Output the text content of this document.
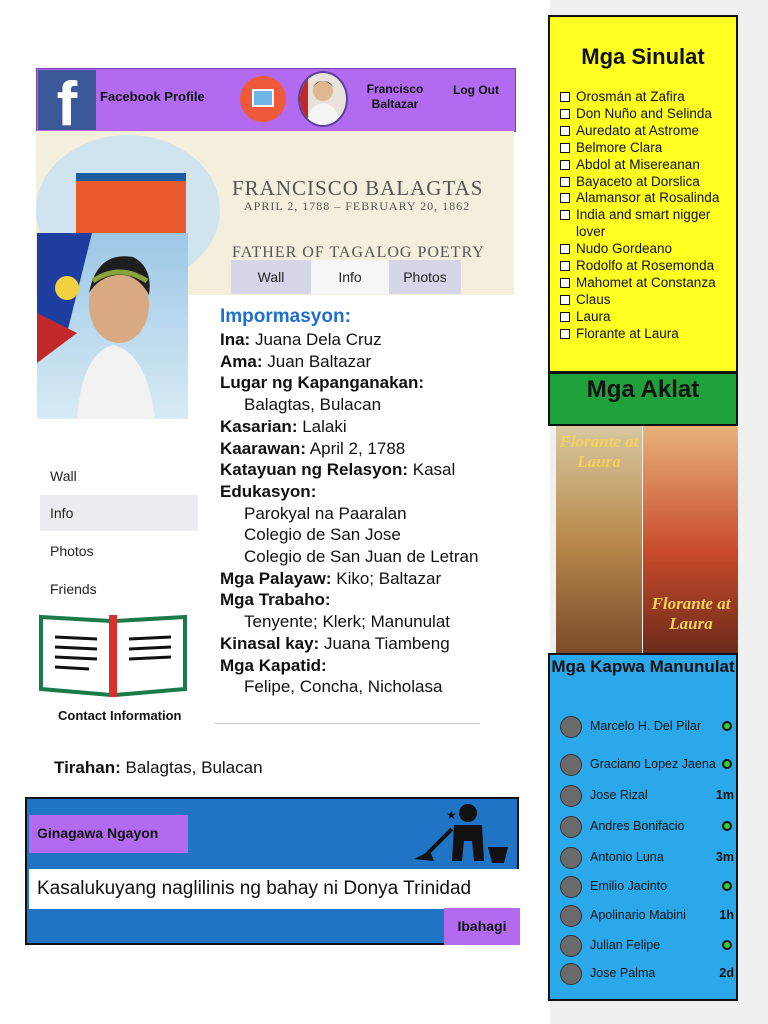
f	Facebook Profile	Francisco Baltazar
Log Out
FRANCISCO BALAGTAS
APRIL 2, 1788 – FEBRUARY 20, 1862
FATHER OF TAGALOG POETRY
Wall	Info	Photos
Wall
Info
Photos
Friends
Contact Information
Impormasyon:
Ina: Juana Dela Cruz
Ama: Juan Baltazar
Lugar ng Kapanganakan:
Balagtas, Bulacan
Kasarian: Lalaki
Kaarawan: April 2, 1788
Katayuan ng Relasyon: Kasal
Edukasyon:
Parokyal na Paaralan
Colegio de San Jose
Colegio de San Juan de Letran
Mga Palayaw: Kiko; Baltazar
Mga Trabaho:
Tenyente; Klerk; Manunulat
Kinasal kay: Juana Tiambeng
Mga Kapatid:
Felipe, Concha, Nicholasa
Tirahan: Balagtas, Bulacan
Ginagawa Ngayon
★
Kasalukuyang naglilinis ng bahay ni Donya Trinidad
Ibahagi
Mga Sinulat
Orosmán at Zafira
Don Nuño and Selinda
Auredato at Astrome
Belmore Clara
Abdol at Misereanan
Bayaceto at Dorslica
Alamansor at Rosalinda
India and smart nigger lover
Nudo Gordeano
Rodolfo at Rosemonda
Mahomet at Constanza
Claus
Laura
Florante at Laura
Mga Aklat
Florante at Laura
Florante at Laura
Mga Kapwa Manunulat
Marcelo H. Del Pilar
Graciano Lopez Jaena
Jose Rizal	1m
Andres Bonifacio
Antonio Luna	3m
Emilio Jacinto
Apolinario Mabini	1h
Julian Felipe
Jose Palma	2d
